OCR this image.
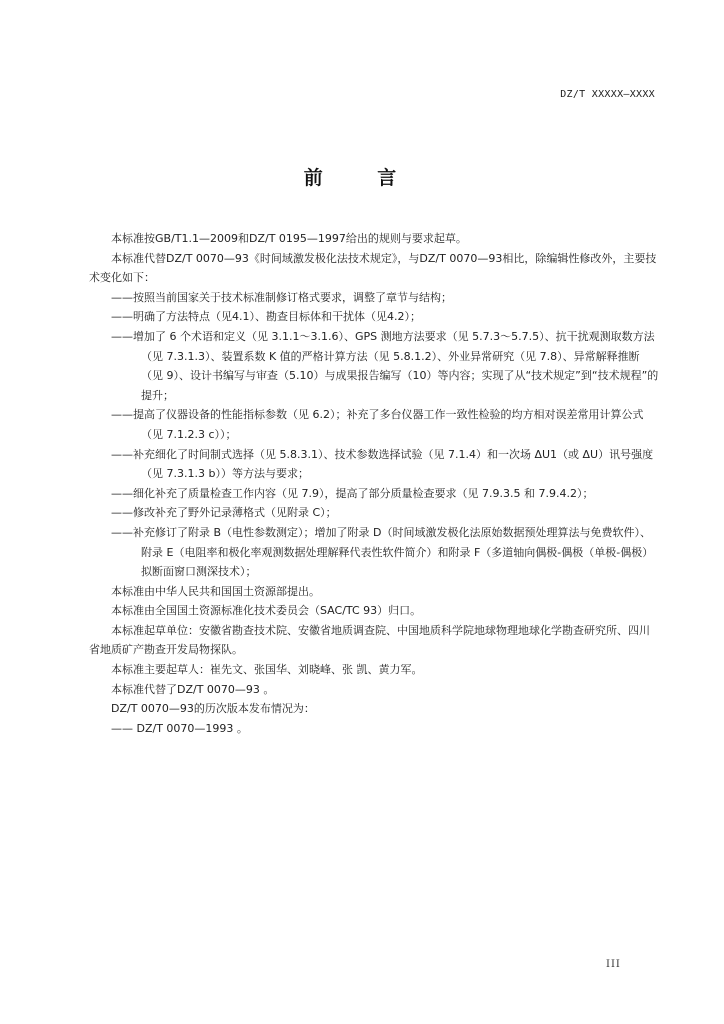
DZ/T XXXXX—XXXX
前 言

本标准按GB/T1.1—2009和DZ/T 0195—1997给出的规则与要求起草。

本标准代替DZ/T 0070—93《时间域激发极化法技术规定》，与DZ/T 0070—93相比，除编辑性修改外，主要技术变化如下：

——按照当前国家关于技术标准制修订格式要求，调整了章节与结构；

——明确了方法特点（见4.1）、勘查目标体和干扰体（见4.2）；

——增加了 6 个术语和定义（见 3.1.1～3.1.6）、GPS 测地方法要求（见 5.7.3～5.7.5）、抗干扰观测取数方法（见 7.3.1.3）、装置系数 K 值的严格计算方法（见 5.8.1.2）、外业异常研究（见 7.8）、异常解释推断（见 9）、设计书编写与审查（5.10）与成果报告编写（10）等内容；实现了从“技术规定”到“技术规程”的提升；

——提高了仪器设备的性能指标参数（见 6.2）；补充了多台仪器工作一致性检验的均方相对误差常用计算公式（见 7.1.2.3 c））；

——补充细化了时间制式选择（见 5.8.3.1）、技术参数选择试验（见 7.1.4）和一次场 ΔU1（或 ΔU）讯号强度（见 7.3.1.3 b））等方法与要求；

——细化补充了质量检查工作内容（见 7.9），提高了部分质量检查要求（见 7.9.3.5 和 7.9.4.2）；

——修改补充了野外记录薄格式（见附录 C）；

——补充修订了附录 B（电性参数测定）；增加了附录 D（时间域激发极化法原始数据预处理算法与免费软件）、附录 E（电阻率和极化率观测数据处理解释代表性软件简介）和附录 F（多道轴向偶极-偶极（单极-偶极）拟断面窗口测深技术）；

本标准由中华人民共和国国土资源部提出。

本标准由全国国土资源标准化技术委员会（SAC/TC 93）归口。

本标准起草单位：安徽省勘查技术院、安徽省地质调查院、中国地质科学院地球物理地球化学勘查研究所、四川省地质矿产勘查开发局物探队。

本标准主要起草人：崔先文、张国华、刘晓峰、张 凯、黄力军。

本标准代替了DZ/T 0070—93 。

DZ/T 0070—93的历次版本发布情况为：

—— DZ/T 0070—1993 。

III
